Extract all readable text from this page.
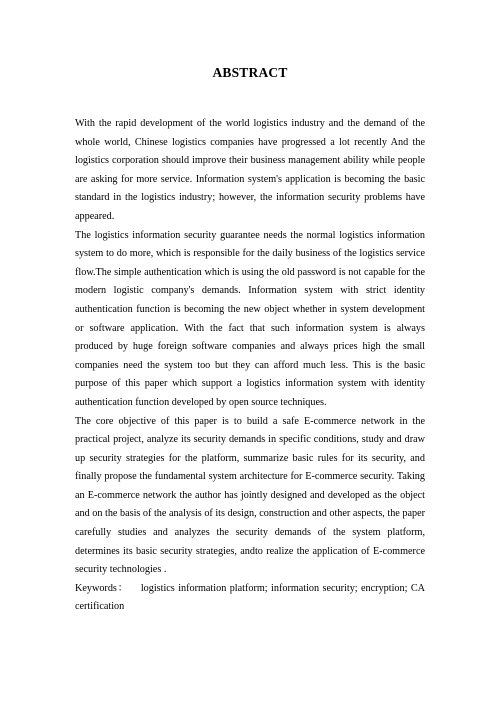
ABSTRACT

With the rapid development of the world logistics industry and the demand of the whole world, Chinese logistics companies have progressed a lot recently And the logistics corporation should improve their business management ability while people are asking for more service. Information system's application is becoming the basic standard in the logistics industry; however, the information security problems have appeared.

The logistics information security guarantee needs the normal logistics information system to do more, which is responsible for the daily business of the logistics service flow.The simple authentication which is using the old password is not capable for the modern logistic company's demands. Information system with strict identity authentication function is becoming the new object whether in system development or software application. With the fact that such information system is always produced by huge foreign software companies and always prices high the small companies need the system too but they can afford much less. This is the basic purpose of this paper which support a logistics information system with identity authentication function developed by open source techniques.

The core objective of this paper is to build a safe E-commerce network in the practical project, analyze its security demands in specific conditions, study and draw up security strategies for the platform, summarize basic rules for its security, and finally propose the fundamental system architecture for E-commerce security. Taking an E-commerce network the author has jointly designed and developed as the object and on the basis of the analysis of its design, construction and other aspects, the paper carefully studies and analyzes the security demands of the system platform, determines its basic security strategies, andto realize the application of E-commerce security technologies .

Keywords： logistics information platform; information security; encryption; CA certification
